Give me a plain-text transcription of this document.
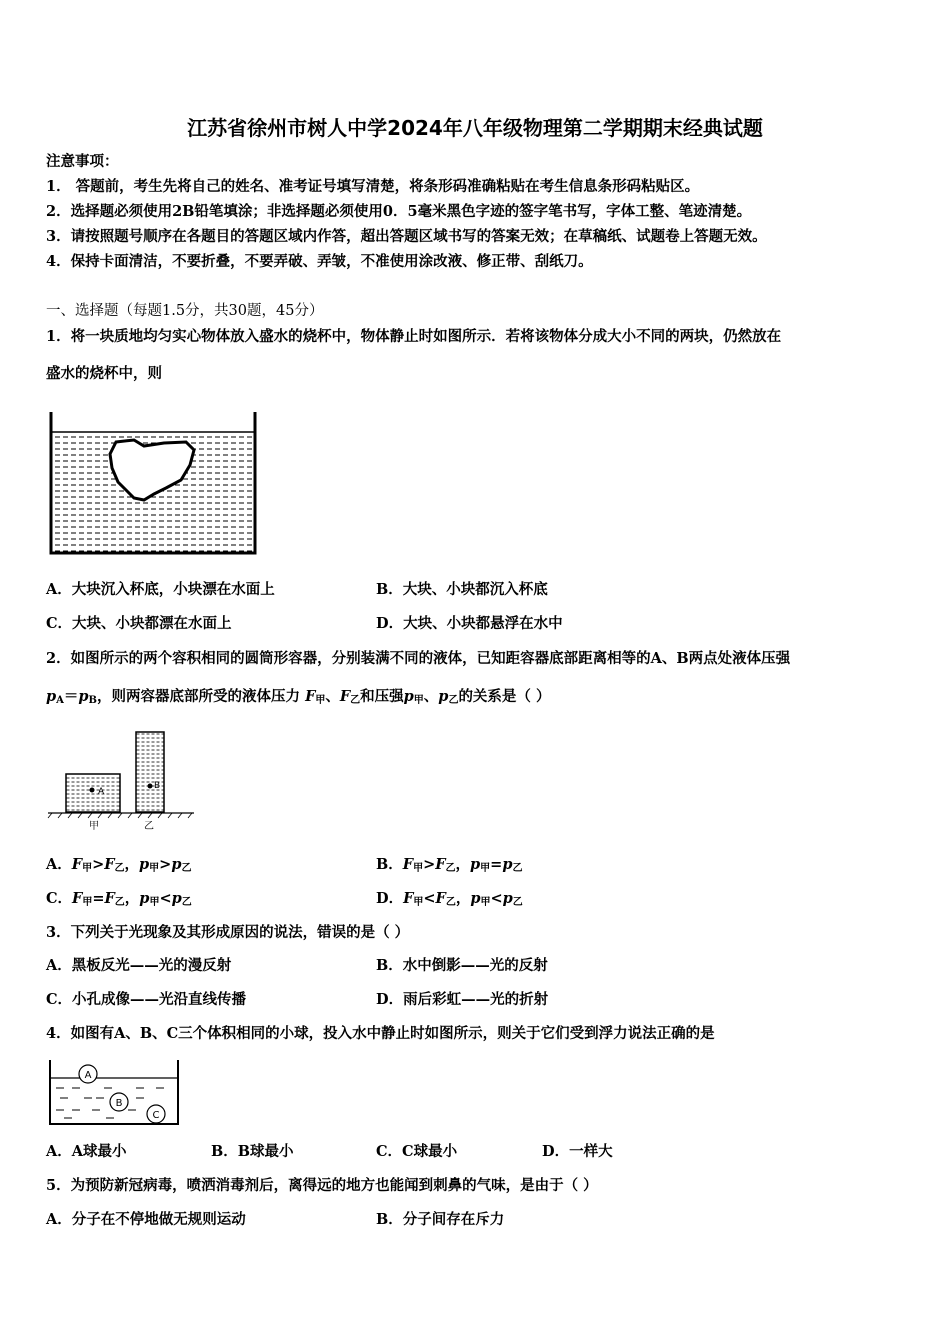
江苏省徐州市树人中学2024年八年级物理第二学期期末经典试题
注意事项：
1． 答题前，考生先将自己的姓名、准考证号填写清楚，将条形码准确粘贴在考生信息条形码粘贴区。
2．选择题必须使用2B铅笔填涂；非选择题必须使用0．5毫米黑色字迹的签字笔书写，字体工整、笔迹清楚。
3．请按照题号顺序在各题目的答题区域内作答，超出答题区域书写的答案无效；在草稿纸、试题卷上答题无效。
4．保持卡面清洁，不要折叠，不要弄破、弄皱，不准使用涂改液、修正带、刮纸刀。
一、选择题（每题1.5分，共30题，45分）
1．将一块质地均匀实心物体放入盛水的烧杯中，物体静止时如图所示．若将该物体分成大小不同的两块，仍然放在
盛水的烧杯中，则
A．大块沉入杯底，小块漂在水面上	B．大块、小块都沉入杯底
C．大块、小块都漂在水面上	D．大块、小块都悬浮在水中
2．如图所示的两个容积相同的圆筒形容器，分别装满不同的液体，已知距容器底部距离相等的A、B两点处液体压强
$p_A=p_B$，则两容器底部所受的液体压力 $F_甲$、$F_乙$和压强$p_甲$、$p_乙$的关系是（ ）
A
B
甲	乙
A．$F_甲>F_乙$，$p_甲>p_乙$	B．$F_甲>F_乙$，$p_甲=p_乙$
C．$F_甲=F_乙$，$p_甲<p_乙$	D．$F_甲<F_乙$，$p_甲<p_乙$
3．下列关于光现象及其形成原因的说法，错误的是（ ）
A．黑板反光——光的漫反射	B．水中倒影——光的反射
C．小孔成像——光沿直线传播	D．雨后彩虹——光的折射
4．如图有A、B、C三个体积相同的小球，投入水中静止时如图所示，则关于它们受到浮力说法正确的是
A
B
C
A．A球最小	B．B球最小	C．C球最小	D．一样大
5．为预防新冠病毒，喷洒消毒剂后，离得远的地方也能闻到刺鼻的气味，是由于（ ）
A．分子在不停地做无规则运动	B．分子间存在斥力
